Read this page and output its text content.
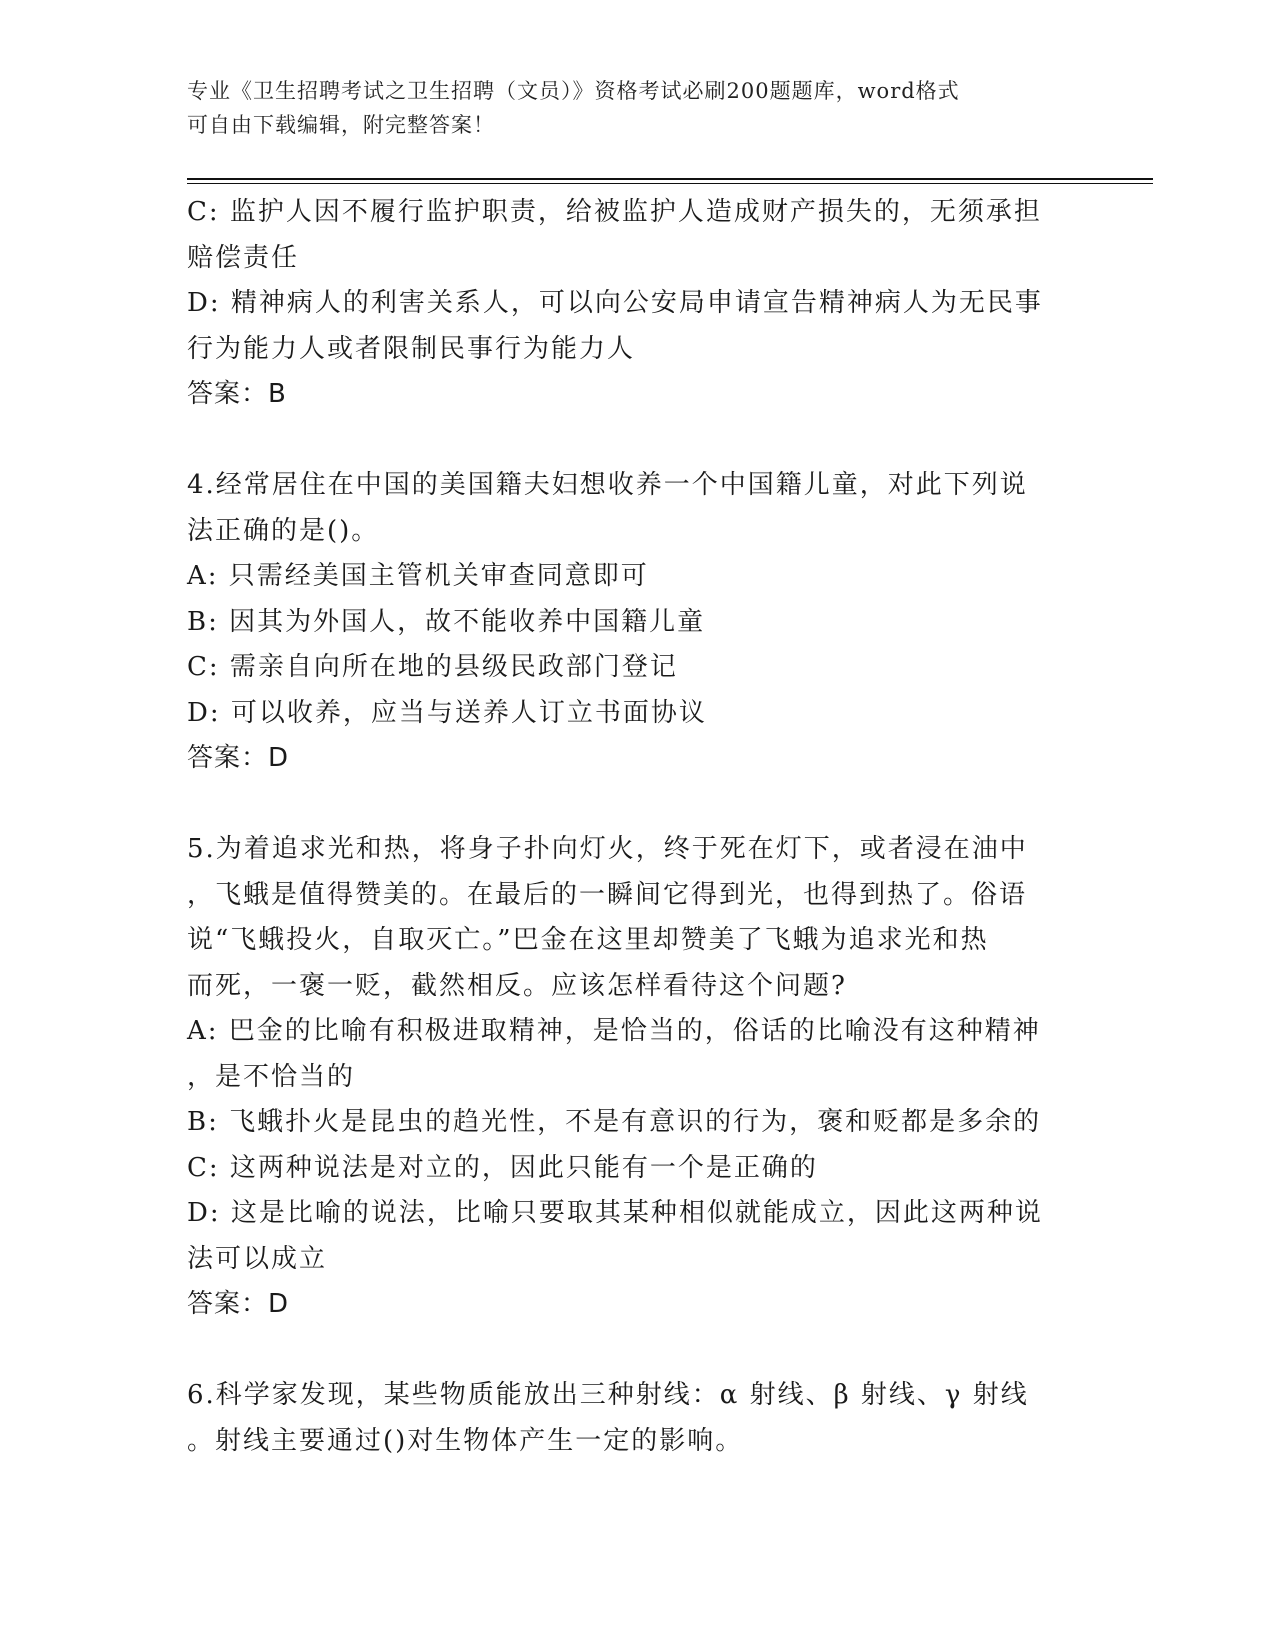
专业《卫生招聘考试之卫生招聘（文员）》资格考试必刷200题题库，word格式
可自由下载编辑，附完整答案！
C: 监护人因不履行监护职责，给被监护人造成财产损失的，无须承担
赔偿责任
D: 精神病人的利害关系人，可以向公安局申请宣告精神病人为无民事
行为能力人或者限制民事行为能力人
答案：B
4.经常居住在中国的美国籍夫妇想收养一个中国籍儿童，对此下列说
法正确的是()。
A: 只需经美国主管机关审查同意即可
B: 因其为外国人，故不能收养中国籍儿童
C: 需亲自向所在地的县级民政部门登记
D: 可以收养，应当与送养人订立书面协议
答案：D
5.为着追求光和热，将身子扑向灯火，终于死在灯下，或者浸在油中
，飞蛾是值得赞美的。在最后的一瞬间它得到光，也得到热了。俗语
说“飞蛾投火，自取灭亡。”巴金在这里却赞美了飞蛾为追求光和热
而死，一褒一贬，截然相反。应该怎样看待这个问题?
A: 巴金的比喻有积极进取精神，是恰当的，俗话的比喻没有这种精神
，是不恰当的
B: 飞蛾扑火是昆虫的趋光性，不是有意识的行为，褒和贬都是多余的
C: 这两种说法是对立的，因此只能有一个是正确的
D: 这是比喻的说法，比喻只要取其某种相似就能成立，因此这两种说
法可以成立
答案：D
6.科学家发现，某些物质能放出三种射线：α 射线、β 射线、γ 射线
。射线主要通过()对生物体产生一定的影响。
